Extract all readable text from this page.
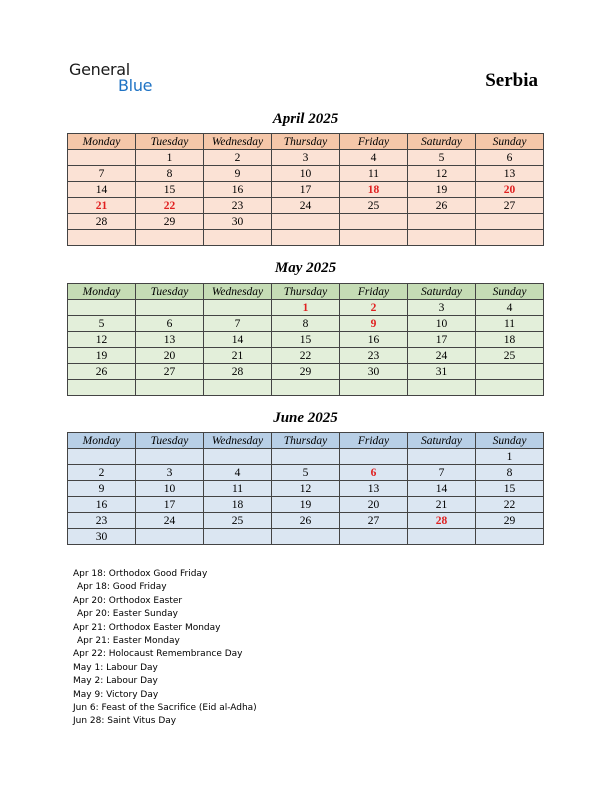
General
Blue	Serbia
April 2025
Monday	Tuesday	Wednesday	Thursday	Friday	Saturday	Sunday
	1	2	3	4	5	6
7	8	9	10	11	12	13
14	15	16	17	18	19	20
21	22	23	24	25	26	27
28	29	30				

May 2025
Monday	Tuesday	Wednesday	Thursday	Friday	Saturday	Sunday
			1	2	3	4
5	6	7	8	9	10	11
12	13	14	15	16	17	18
19	20	21	22	23	24	25
26	27	28	29	30	31	

June 2025
Monday	Tuesday	Wednesday	Thursday	Friday	Saturday	Sunday
						1
2	3	4	5	6	7	8
9	10	11	12	13	14	15
16	17	18	19	20	21	22
23	24	25	26	27	28	29
30						
Apr 18: Orthodox Good Friday
Apr 18: Good Friday
Apr 20: Orthodox Easter
Apr 20: Easter Sunday
Apr 21: Orthodox Easter Monday
Apr 21: Easter Monday
Apr 22: Holocaust Remembrance Day
May 1: Labour Day
May 2: Labour Day
May 9: Victory Day
Jun 6: Feast of the Sacrifice (Eid al-Adha)
Jun 28: Saint Vitus Day
